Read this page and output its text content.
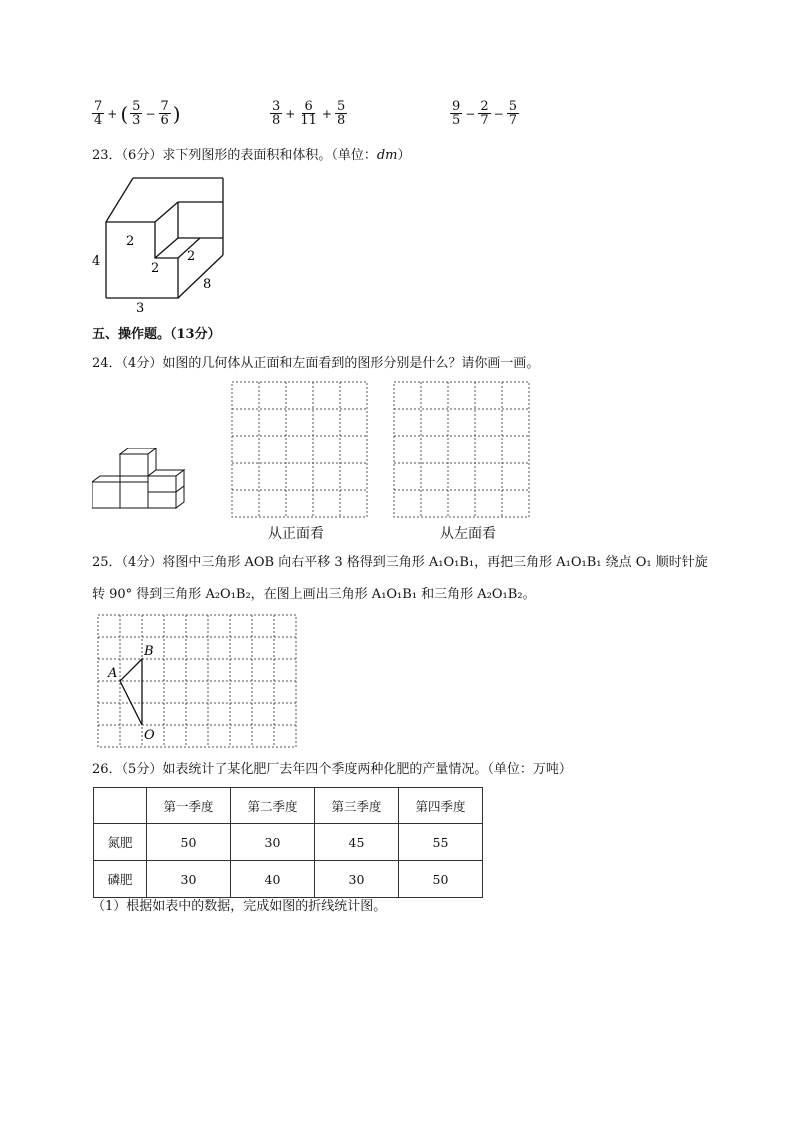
$\frac{7}{4}$ + ( $\frac{5}{3} - \frac{7}{6}$ )	$\frac{3}{8} + \frac{6}{11} + \frac{5}{8}$	$\frac{9}{5} - \frac{2}{7} - \frac{5}{7}$
23．（6分）求下列图形的表面积和体积。（单位：dm）
4
3
8
2
2
2
五、操作题。（13分）
24．（4分）如图的几何体从正面和左面看到的图形分别是什么？请你画一画。
从正面看	从左面看
25．（4分）将图中三角形 AOB 向右平移 3 格得到三角形 A₁O₁B₁，再把三角形 A₁O₁B₁ 绕点 O₁ 顺时针旋
转 90° 得到三角形 A₂O₁B₂，在图上画出三角形 A₁O₁B₁ 和三角形 A₂O₁B₂。
A
B
O
26．（5分）如表统计了某化肥厂去年四个季度两种化肥的产量情况。（单位：万吨）
	第一季度	第二季度	第三季度	第四季度
氮肥	50	30	45	55
磷肥	30	40	30	50
（1）根据如表中的数据，完成如图的折线统计图。
